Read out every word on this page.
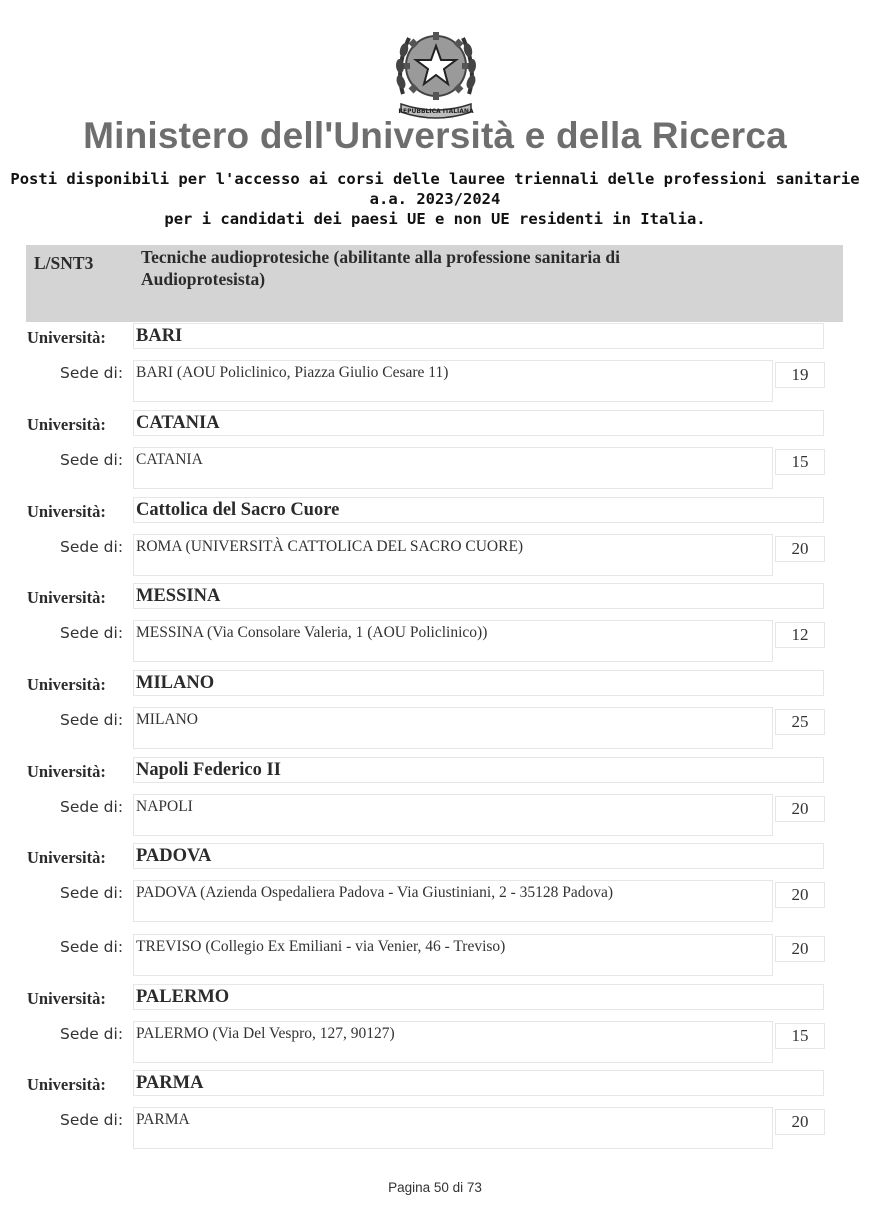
REPUBBLICA ITALIANA
Ministero dell'Università e della Ricerca
Posti disponibili per l'accesso ai corsi delle lauree triennali delle professioni sanitarie
a.a. 2023/2024
per i candidati dei paesi UE e non UE residenti in Italia.
L/SNT3	Tecniche audioprotesiche (abilitante alla professione sanitaria di
Audioprotesista)
Università: BARI
Sede di: BARI (AOU Policlinico, Piazza Giulio Cesare 11)	19
Università: CATANIA
Sede di: CATANIA	15
Università: Cattolica del Sacro Cuore
Sede di: ROMA (UNIVERSITÀ CATTOLICA DEL SACRO CUORE)	20
Università: MESSINA
Sede di: MESSINA (Via Consolare Valeria, 1 (AOU Policlinico))	12
Università: MILANO
Sede di: MILANO	25
Università: Napoli Federico II
Sede di: NAPOLI	20
Università: PADOVA
Sede di: PADOVA (Azienda Ospedaliera Padova - Via Giustiniani, 2 - 35128 Padova)	20
Sede di: TREVISO (Collegio Ex Emiliani - via Venier, 46 - Treviso)	20
Università: PALERMO
Sede di: PALERMO (Via Del Vespro, 127, 90127)	15
Università: PARMA
Sede di: PARMA	20
Pagina 50 di 73
